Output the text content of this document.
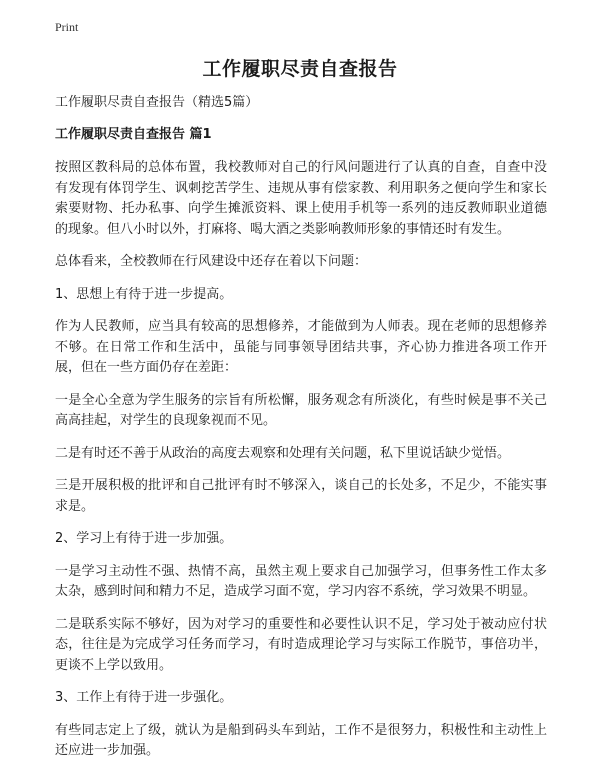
Print
工作履职尽责自查报告

工作履职尽责自查报告（精选5篇）

工作履职尽责自查报告 篇1

按照区教科局的总体布置，我校教师对自己的行风问题进行了认真的自查，自查中没有发现有体罚学生、讽刺挖苦学生、违规从事有偿家教、利用职务之便向学生和家长索要财物、托办私事、向学生摊派资料、课上使用手机等一系列的违反教师职业道德的现象。但八小时以外，打麻将、喝大酒之类影响教师形象的事情还时有发生。

总体看来，全校教师在行风建设中还存在着以下问题：

1、思想上有待于进一步提高。

作为人民教师，应当具有较高的思想修养，才能做到为人师表。现在老师的思想修养不够。在日常工作和生活中，虽能与同事领导团结共事，齐心协力推进各项工作开展，但在一些方面仍存在差距：

一是全心全意为学生服务的宗旨有所松懈，服务观念有所淡化，有些时候是事不关己高高挂起，对学生的良现象视而不见。

二是有时还不善于从政治的高度去观察和处理有关问题，私下里说话缺少觉悟。

三是开展积极的批评和自己批评有时不够深入，谈自己的长处多，不足少，不能实事求是。

2、学习上有待于进一步加强。

一是学习主动性不强、热情不高，虽然主观上要求自己加强学习，但事务性工作太多太杂，感到时间和精力不足，造成学习面不宽，学习内容不系统，学习效果不明显。

二是联系实际不够好，因为对学习的重要性和必要性认识不足，学习处于被动应付状态，往往是为完成学习任务而学习，有时造成理论学习与实际工作脱节，事倍功半，更谈不上学以致用。

3、工作上有待于进一步强化。

有些同志定上了级，就认为是船到码头车到站，工作不是很努力，积极性和主动性上还应进一步加强。
